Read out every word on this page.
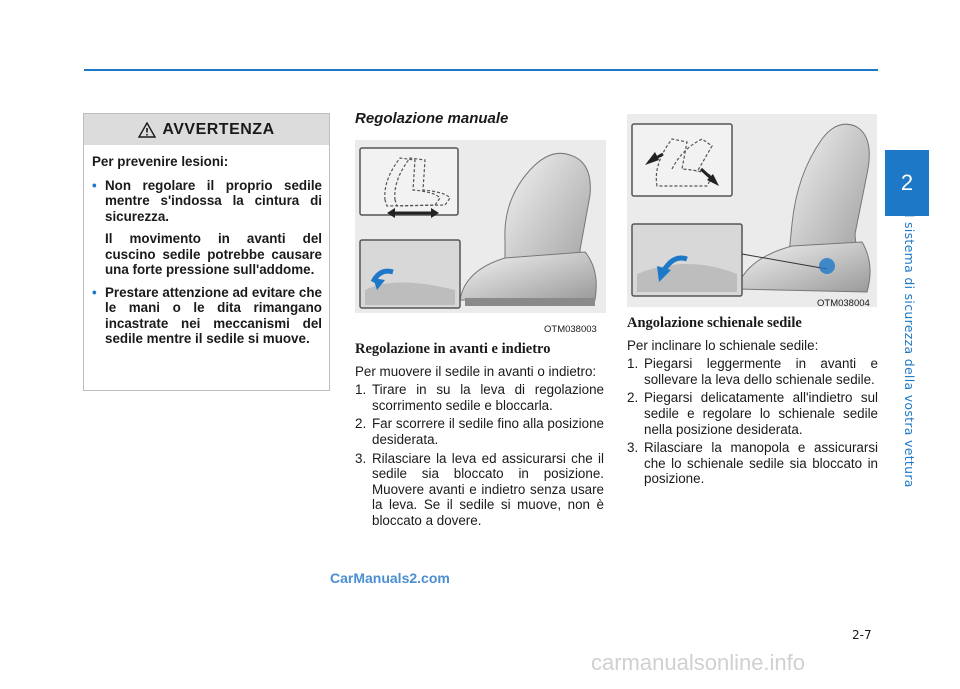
2
Il sistema di sicurezza della vostra vettura
AVVERTENZA
Per prevenire lesioni:
• Non regolare il proprio sedile mentre s'indossa la cintura di sicurezza.
Il movimento in avanti del cuscino sedile potrebbe causare una forte pressione sull'addome.
• Prestare attenzione ad evitare che le mani o le dita rimangano incastrate nei meccanismi del sedile mentre il sedile si muove.
Regolazione manuale
OTM038003
OTM038004
Regolazione in avanti e indietro
Per muovere il sedile in avanti o indietro:
1. Tirare in su la leva di regolazione scorrimento sedile e bloccarla.
2. Far scorrere il sedile fino alla posizione desiderata.
3. Rilasciare la leva ed assicurarsi che il sedile sia bloccato in posizione. Muovere avanti e indietro senza usare la leva. Se il sedile si muove, non è bloccato a dovere.
Angolazione schienale sedile
Per inclinare lo schienale sedile:
1. Piegarsi leggermente in avanti e sollevare la leva dello schienale sedile.
2. Piegarsi delicatamente all'indietro sul sedile e regolare lo schienale sedile nella posizione desiderata.
3. Rilasciare la manopola e assicurarsi che lo schienale sedile sia bloccato in posizione.
2-7
CarManuals2.com
carmanualsonline.info
